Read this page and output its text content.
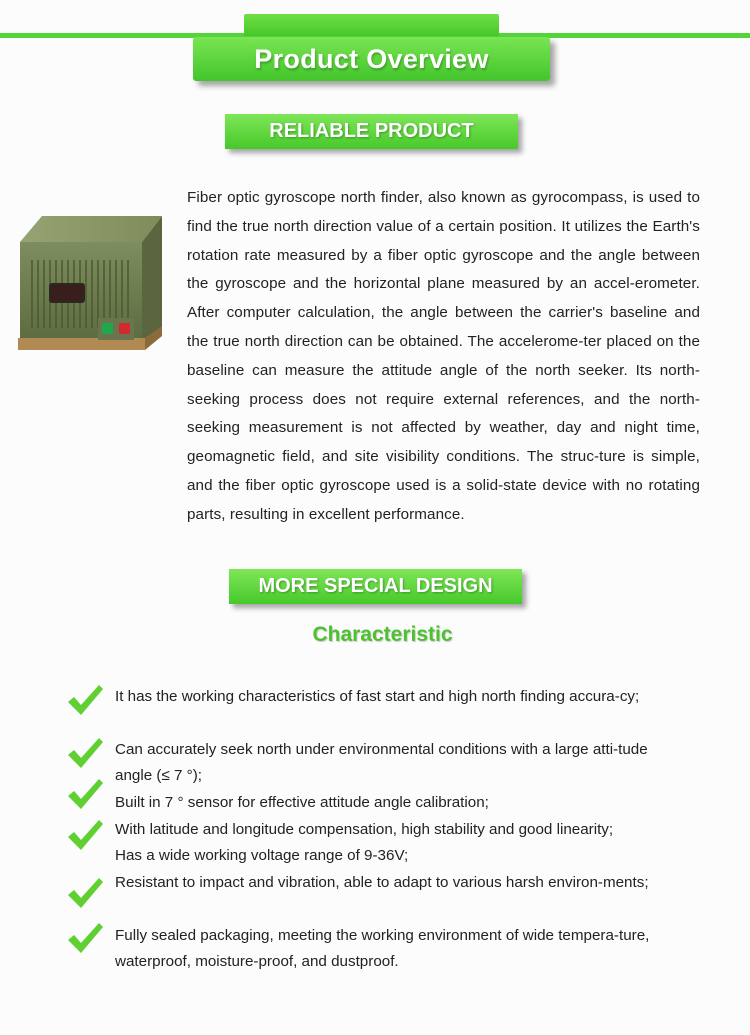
Product Overview
RELIABLE PRODUCT
Fiber optic gyroscope north finder, also known as gyrocompass, is used to find the true north direction value of a certain position. It utilizes the Earth's rotation rate measured by a fiber optic gyroscope and the angle between the gyroscope and the horizontal plane measured by an accel-erometer. After computer calculation, the angle between the carrier's baseline and the true north direction can be obtained. The accelerome-ter placed on the baseline can measure the attitude angle of the north seeker. Its north-seeking process does not require external references, and the north-seeking measurement is not affected by weather, day and night time, geomagnetic field, and site visibility conditions. The struc-ture is simple, and the fiber optic gyroscope used is a solid-state device with no rotating parts, resulting in excellent performance.
MORE SPECIAL DESIGN
Characteristic
It has the working characteristics of fast start and high north finding accura-cy;
Can accurately seek north under environmental conditions with a large atti-tude angle (≤ 7 °);
Built in 7 ° sensor for effective attitude angle calibration;
With latitude and longitude compensation, high stability and good linearity;
Has a wide working voltage range of 9-36V;
Resistant to impact and vibration, able to adapt to various harsh environ-ments;
Fully sealed packaging, meeting the working environment of wide tempera-ture, waterproof, moisture-proof, and dustproof.
